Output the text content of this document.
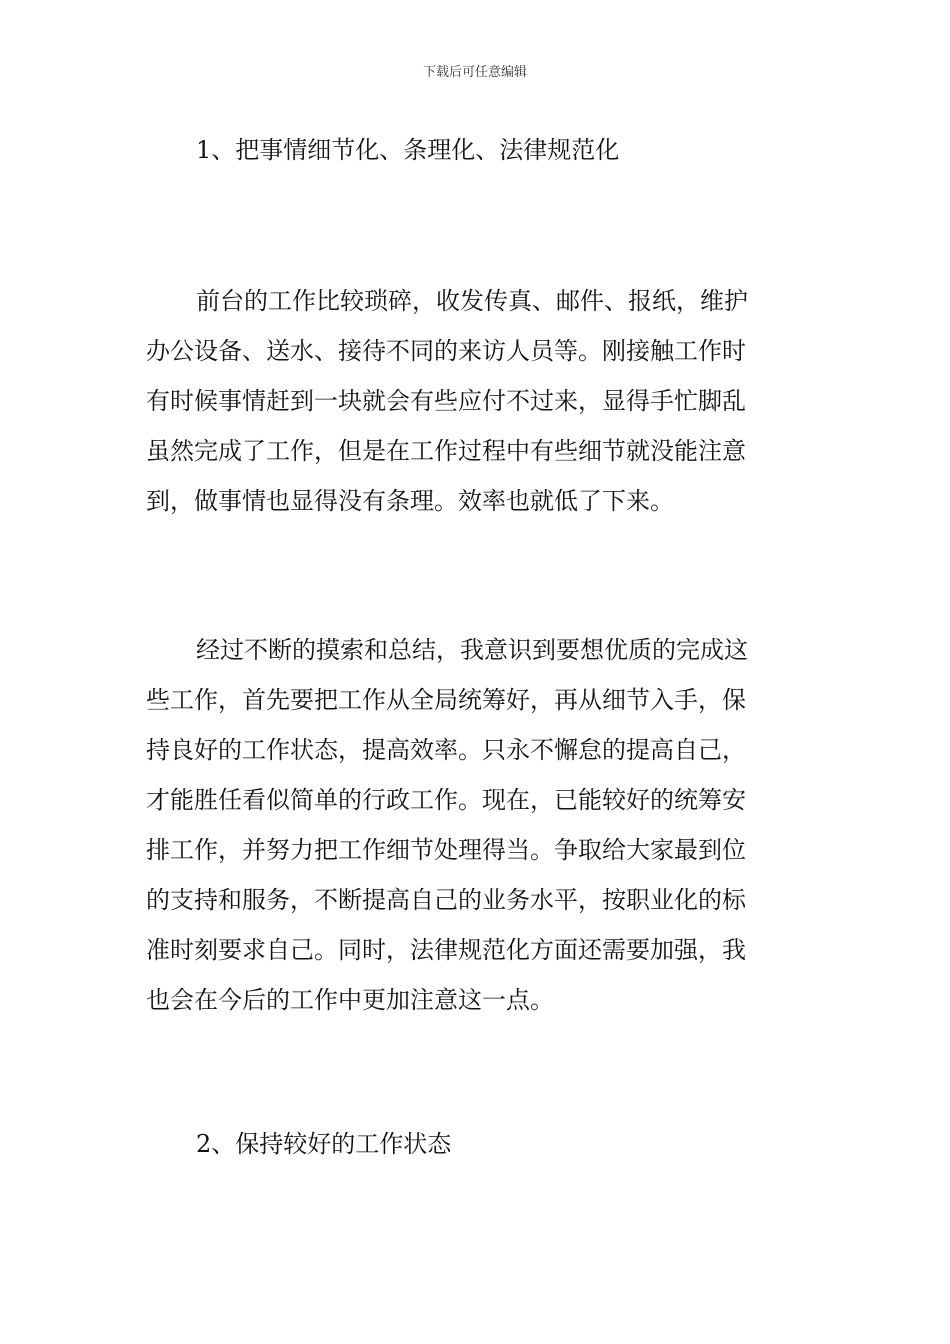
下载后可任意编辑
1、把事情细节化、条理化、法律规范化
前台的工作比较琐碎，收发传真、邮件、报纸，维护
办公设备、送水、接待不同的来访人员等。刚接触工作时
有时候事情赶到一块就会有些应付不过来，显得手忙脚乱
虽然完成了工作，但是在工作过程中有些细节就没能注意
到，做事情也显得没有条理。效率也就低了下来。
经过不断的摸索和总结，我意识到要想优质的完成这
些工作，首先要把工作从全局统筹好，再从细节入手，保
持良好的工作状态，提高效率。只永不懈怠的提高自己，
才能胜任看似简单的行政工作。现在，已能较好的统筹安
排工作，并努力把工作细节处理得当。争取给大家最到位
的支持和服务，不断提高自己的业务水平，按职业化的标
准时刻要求自己。同时，法律规范化方面还需要加强，我
也会在今后的工作中更加注意这一点。
2、保持较好的工作状态
